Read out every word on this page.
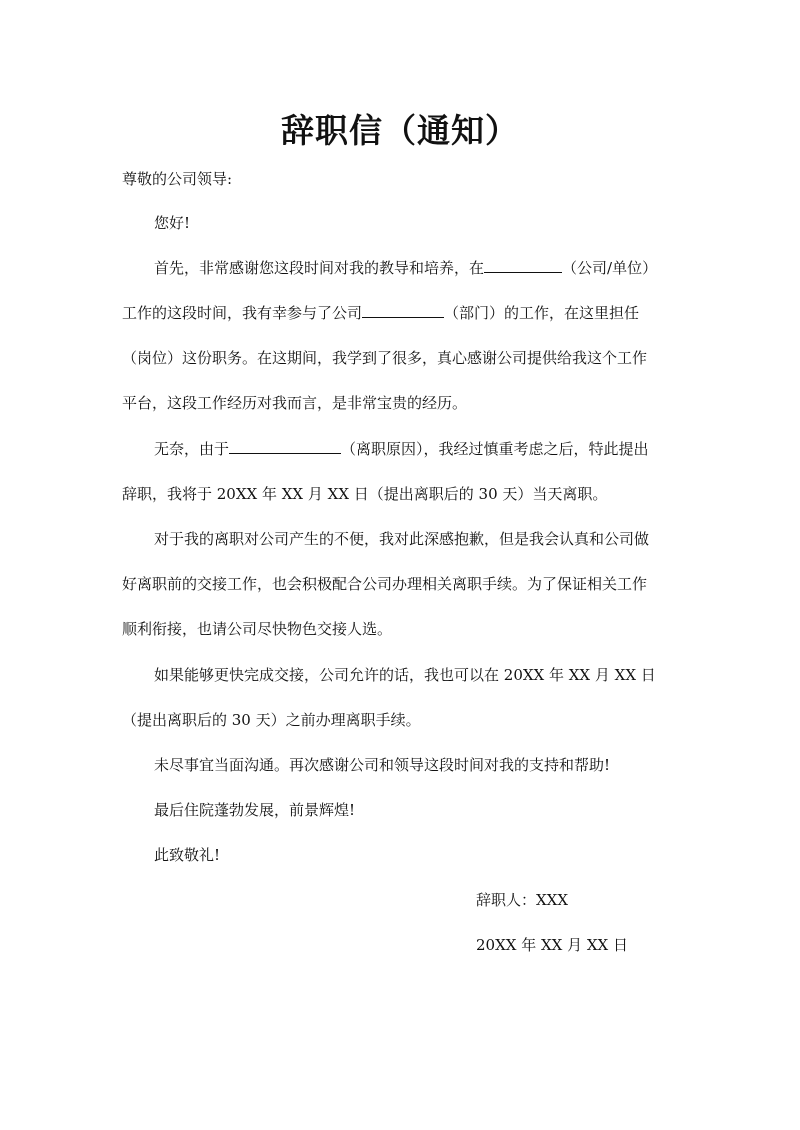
辞职信（通知）
尊敬的公司领导:
您好!
首先，非常感谢您这段时间对我的教导和培养，在	（公司/单位）
工作的这段时间，我有幸参与了公司	（部门）的工作，在这里担任
（岗位）这份职务。在这期间，我学到了很多，真心感谢公司提供给我这个工作
平台，这段工作经历对我而言，是非常宝贵的经历。
无奈，由于	（离职原因），我经过慎重考虑之后，特此提出
辞职，我将于 20XX 年 XX 月 XX 日（提出离职后的 30 天）当天离职。
对于我的离职对公司产生的不便，我对此深感抱歉，但是我会认真和公司做
好离职前的交接工作，也会积极配合公司办理相关离职手续。为了保证相关工作
顺利衔接，也请公司尽快物色交接人选。
如果能够更快完成交接，公司允许的话，我也可以在 20XX 年 XX 月 XX 日
（提出离职后的 30 天）之前办理离职手续。
未尽事宜当面沟通。再次感谢公司和领导这段时间对我的支持和帮助!
最后住院蓬勃发展，前景辉煌!
此致敬礼!
辞职人：XXX
20XX 年 XX 月 XX 日
